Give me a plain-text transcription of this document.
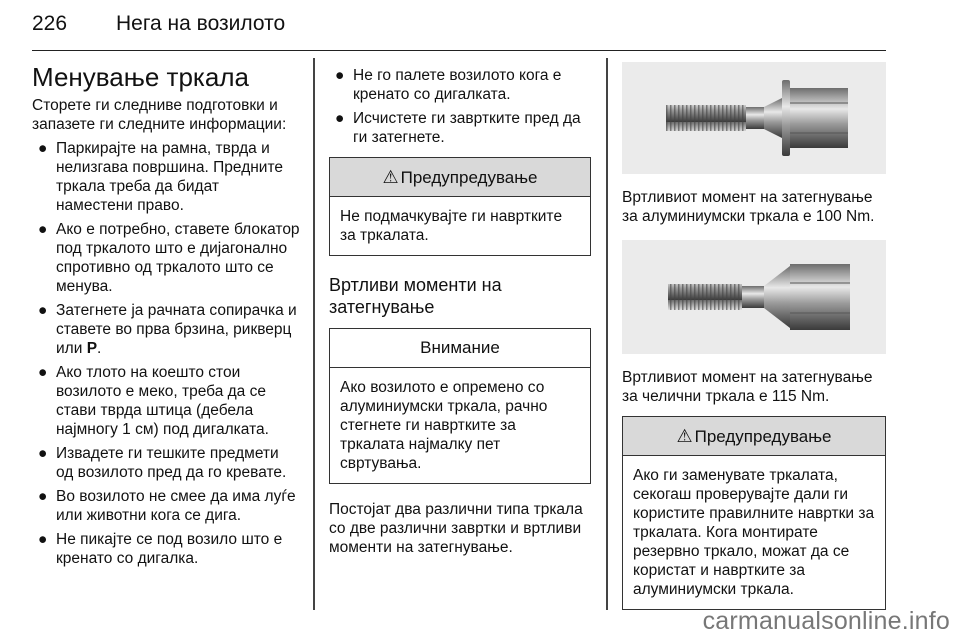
226 Нега на возилото
Менување тркала

Сторете ги следниве подготовки и запазете ги следните информации:

● Паркирајте на рамна, тврда и нелизгава површина. Предните тркала треба да бидат наместени право.
● Ако е потребно, ставете блокатор под тркалото што е дијагонално спротивно од тркалото што се менува.
● Затегнете ја рачната сопирачка и ставете во прва брзина, рикверц или P.
● Ако тлото на коешто стои возилото е меко, треба да се стави тврда штица (дебела најмногу 1 см) под дигалката.
● Извадете ги тешките предмети од возилото пред да го кревате.
● Во возилото не смее да има луѓе или животни кога се дига.
● Не пикајте се под возило што е кренато со дигалка.
● Не го палете возилото кога е кренато со дигалката.
● Исчистете ги завртките пред да ги затегнете.
⚠ Предупредување
Не подмачкувајте ги наврткитe за тркалата.
Вртливи моменти на затегнување
Внимание
Ако возилото е опремено со алуминиумски тркала, рачно стегнете ги навртките за тркалата најмалку пет свртувања.

Постојат два различни типа тркала со две различни завртки и вртливи моменти на затегнување.

Вртливиот момент на затегнување за алуминиумски тркала е 100 Nm.

Вртливиот момент на затегнување за челични тркала е 115 Nm.

⚠ Предупредување
Ако ги заменувате тркалата, секогаш проверувајте дали ги користите правилните навртки за тркалата. Кога монтирате резервно тркало, можат да се користат и навртките за алуминиумски тркала.
carmanualsonline.info
